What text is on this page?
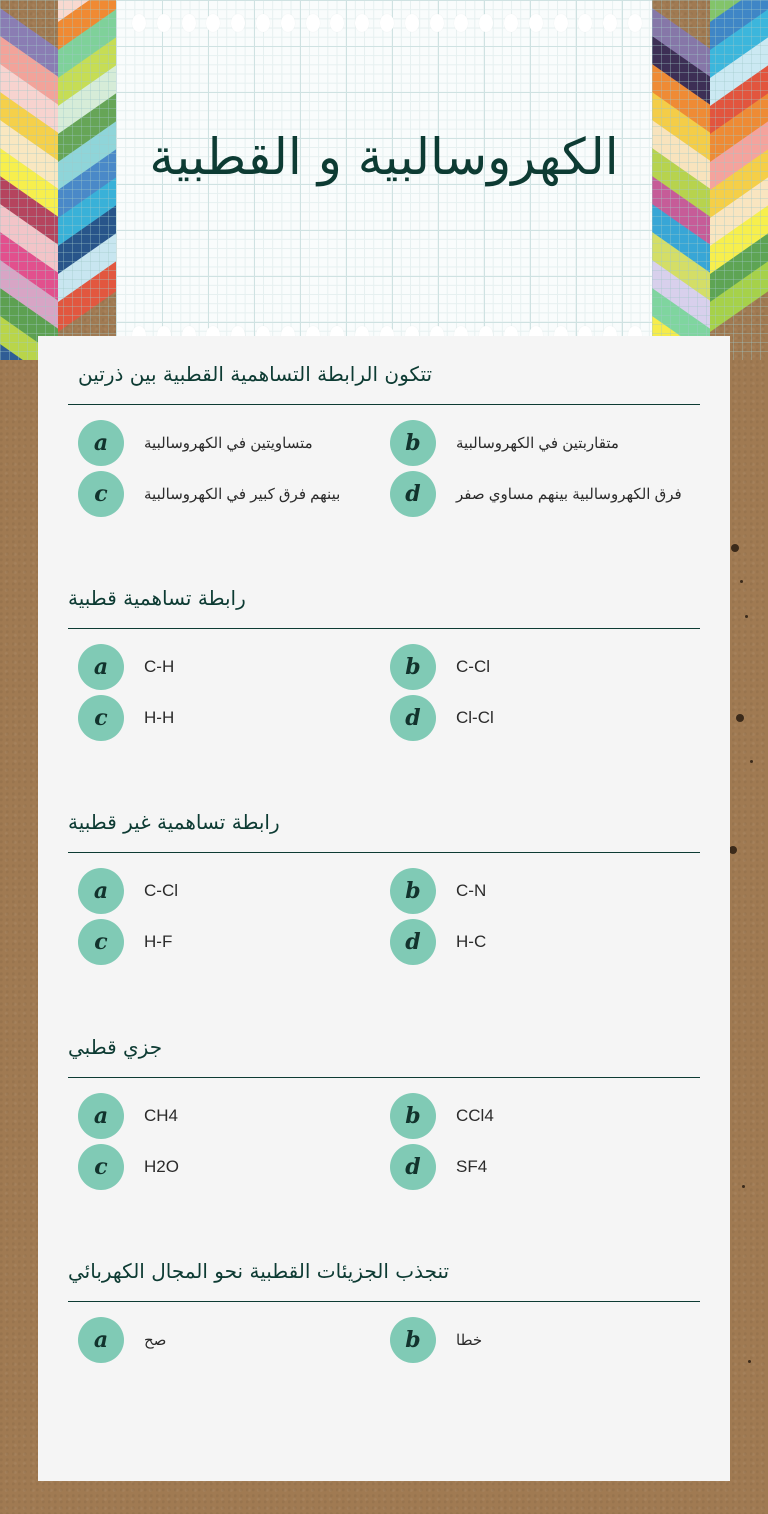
الكهروسالبية و القطبية
تتكون الرابطة التساهمية القطبية بين ذرتين
a	متساويتين في الكهروسالبية	b	متقاربتين في الكهروسالبية
c	بينهم فرق كبير في الكهروسالبية	d	فرق الكهروسالبية بينهم مساوي صفر
رابطة تساهمية قطبية
a	C-H	b	C-Cl
c	H-H	d	Cl-Cl
رابطة تساهمية غير قطبية
a	C-Cl	b	C-N
c	H-F	d	H-C
جزي قطبي
a	CH4	b	CCl4
c	H2O	d	SF4
تنجذب الجزيئات القطبية نحو المجال الكهربائي
a	صح	b	خطا
